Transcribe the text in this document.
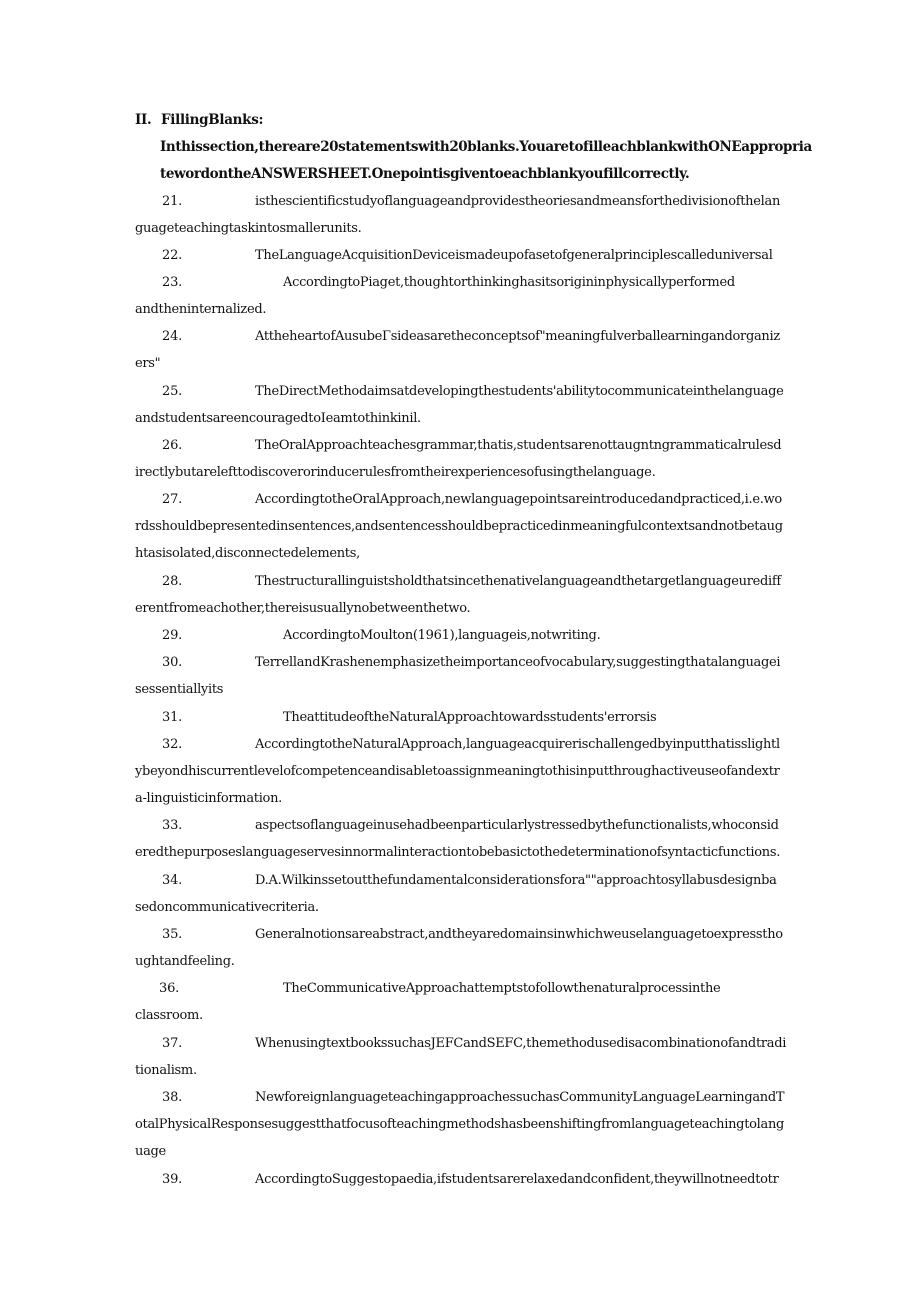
II. FillingBlanks:
Inthissection,thereare20statementswith20blanks.YouaretofilleachblankwithONEappropria
tewordontheANSWERSHEET.Onepointisgiventoeachblankyoufillcorrectly.
21.	isthescientificstudyoflanguageandprovidestheoriesandmeansforthedivisionofthelan
guageteachingtaskintosmallerunits.
22.	TheLanguageAcquisitionDeviceismadeupofasetofgeneralprinciplescalleduniversal
23.	AccordingtoPiaget,thoughtorthinkinghasitsorigininphysicallyperformed
andtheninternalized.
24.	AttheheartofAusubeΓsideasaretheconceptsof"meaningfulverballearningandorganiz
ers"
25.	TheDirectMethodaimsatdevelopingthestudents'abilitytocommunicateinthelanguage
andstudentsareencouragedtoIeamtothinkinil.
26.	TheOralApproachteachesgrammar,thatis,studentsarenottaugntngrammaticalrulesd
irectlybutarelefttodiscoverorinducerulesfromtheirexperiencesofusingthelanguage.
27.	AccordingtotheOralApproach,newlanguagepointsareintroducedandpracticed,i.e.wo
rdsshouldbepresentedinsentences,andsentencesshouldbepracticedinmeaningfulcontextsandnotbetaug
htasisolated,disconnectedelements,
28.	Thestructurallinguistsholdthatsincethenativelanguageandthetargetlanguageurediff
erentfromeachother,thereisusuallynobetweenthetwo.
29.	AccordingtoMoulton(1961),languageis,notwriting.
30.	TerrellandKrashenemphasizetheimportanceofvocabulary,suggestingthatalanguagei
sessentiallyits
31.	TheattitudeoftheNaturalApproachtowardsstudents'errorsis
32.	AccordingtotheNaturalApproach,languageacquirerischallengedbyinputthatisslightl
ybeyondhiscurrentlevelofcompetenceandisabletoassignmeaningtothisinputthroughactiveuseofandextr
a-linguisticinformation.
33.	aspectsoflanguageinusehadbeenparticularlystressedbythefunctionalists,whoconsid
eredthepurposeslanguageservesinnormalinteractiontobebasictothedeterminationofsyntacticfunctions.
34.	D.A.Wilkinssetoutthefundamentalconsiderationsfora""approachtosyllabusdesignba
sedoncommunicativecriteria.
35.	Generalnotionsareabstract,andtheyaredomainsinwhichweuselanguagetoexpresstho
ughtandfeeling.
36.	TheCommunicativeApproachattemptstofollowthenaturalprocessinthe
classroom.
37.	WhenusingtextbookssuchasJEFCandSEFC,themethodusedisacombinationofandtradi
tionalism.
38.	NewforeignlanguageteachingapproachessuchasCommunityLanguageLearningandT
otalPhysicalResponsesuggestthatfocusofteachingmethodshasbeenshiftingfromlanguageteachingtolang
uage
39.	AccordingtoSuggestopaedia,ifstudentsarerelaxedandconfident,theywillnotneedtotr
